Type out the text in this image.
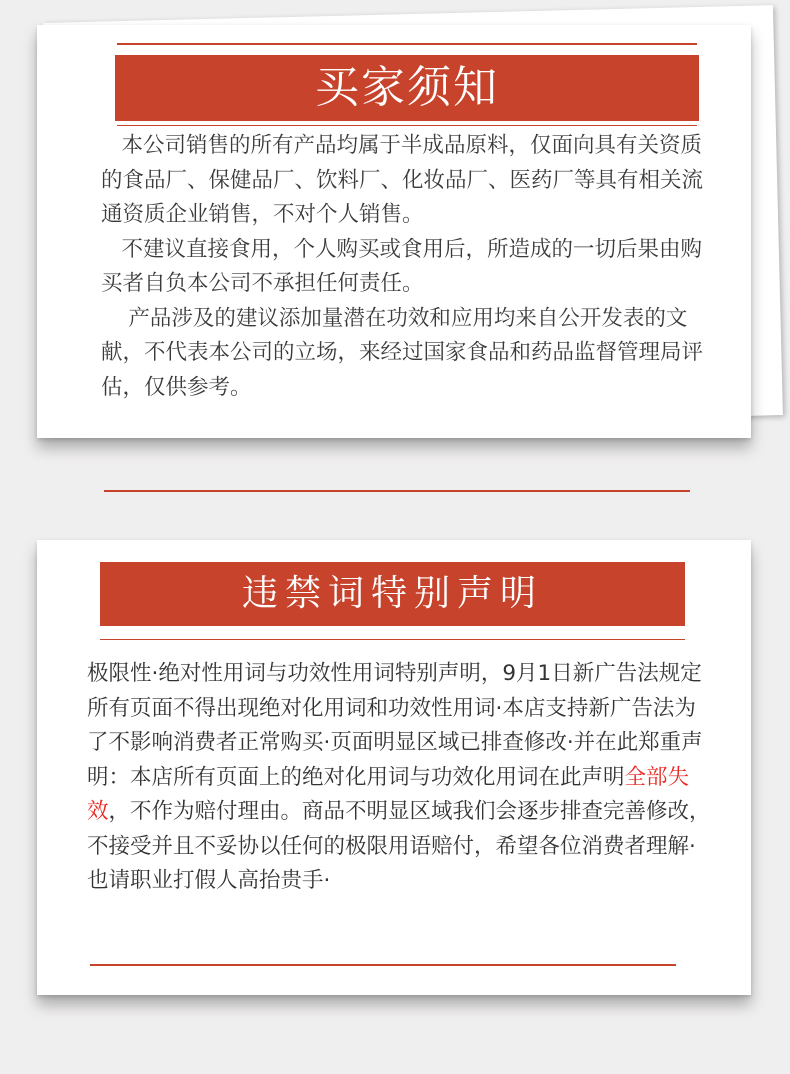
买家须知

本公司销售的所有产品均属于半成品原料，仅面向具有关资质的食品厂、保健品厂、饮料厂、化妆品厂、医药厂等具有相关流通资质企业销售，不对个人销售。

不建议直接食用，个人购买或食用后，所造成的一切后果由购买者自负本公司不承担任何责任。

产品涉及的建议添加量潜在功效和应用均来自公开发表的文献，不代表本公司的立场，来经过国家食品和药品监督管理局评估，仅供参考。

违禁词特别声明
极限性·绝对性用词与功效性用词特别声明，9月1日新广告法规定所有页面不得出现绝对化用词和功效性用词·本店支持新广告法为了不影响消费者正常购买·页面明显区域已排查修改·并在此郑重声明：本店所有页面上的绝对化用词与功效化用词在此声明全部失效，不作为赔付理由。商品不明显区域我们会逐步排查完善修改，不接受并且不妥协以任何的极限用语赔付，希望各位消费者理解·也请职业打假人高抬贵手·
